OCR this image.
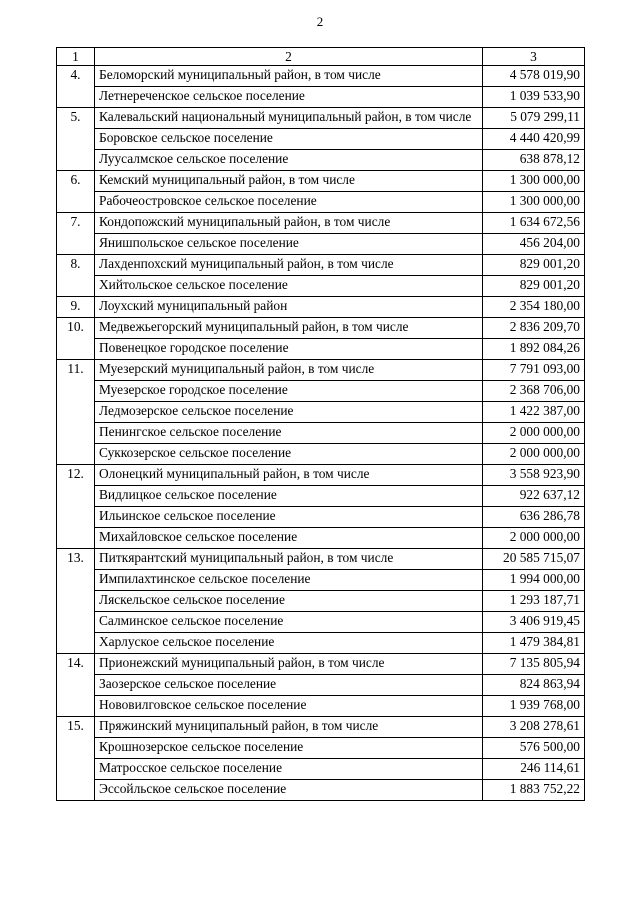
2
1	2	3
4.	Беломорский муниципальный район, в том числе	4 578 019,90
	Летнереченское сельское поселение	1 039 533,90
5.	Калевальский национальный муниципальный район, в том числе	5 079 299,11
	Боровское сельское поселение	4 440 420,99
	Луусалмское сельское поселение	638 878,12
6.	Кемский муниципальный район, в том числе	1 300 000,00
	Рабочеостровское сельское поселение	1 300 000,00
7.	Кондопожский муниципальный район, в том числе	1 634 672,56
	Янишпольское сельское поселение	456 204,00
8.	Лахденпохский муниципальный район, в том числе	829 001,20
	Хийтольское сельское поселение	829 001,20
9.	Лоухский муниципальный район	2 354 180,00
10.	Медвежьегорский муниципальный район, в том числе	2 836 209,70
	Повенецкое городское поселение	1 892 084,26
11.	Муезерский муниципальный район, в том числе	7 791 093,00
	Муезерское городское поселение	2 368 706,00
	Ледмозерское сельское поселение	1 422 387,00
	Пенингское сельское поселение	2 000 000,00
	Суккозерское сельское поселение	2 000 000,00
12.	Олонецкий муниципальный район, в том числе	3 558 923,90
	Видлицкое сельское поселение	922 637,12
	Ильинское сельское поселение	636 286,78
	Михайловское сельское поселение	2 000 000,00
13.	Питкярантский муниципальный район, в том числе	20 585 715,07
	Импилахтинское сельское поселение	1 994 000,00
	Ляскельское сельское поселение	1 293 187,71
	Салминское сельское поселение	3 406 919,45
	Харлуское сельское поселение	1 479 384,81
14.	Прионежский муниципальный район, в том числе	7 135 805,94
	Заозерское сельское поселение	824 863,94
	Нововилговское сельское поселение	1 939 768,00
15.	Пряжинский муниципальный район, в том числе	3 208 278,61
	Крошнозерское сельское поселение	576 500,00
	Матросское сельское поселение	246 114,61
	Эссойльское сельское поселение	1 883 752,22
